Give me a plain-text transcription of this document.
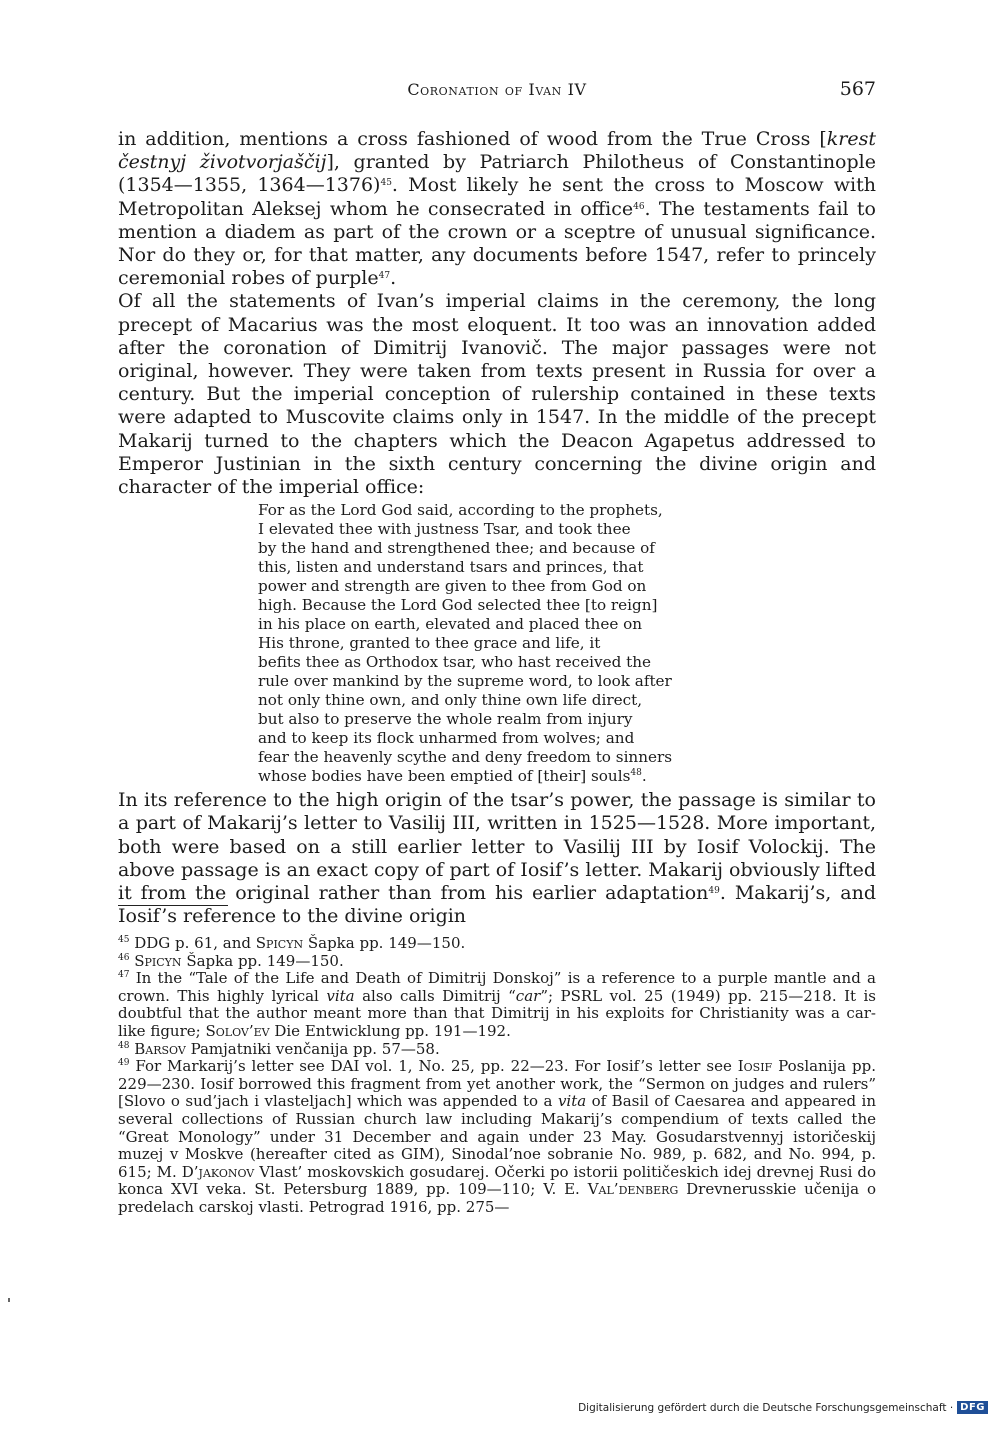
Coronation of Ivan IV	567

in addition, mentions a cross fashioned of wood from the True Cross [krest čestnyj životvorjaščij], granted by Patriarch Philotheus of Constantinople (1354—1355, 1364—1376)$^{45}$. Most likely he sent the cross to Moscow with Metropolitan Aleksej whom he consecrated in office$^{46}$. The testaments fail to mention a diadem as part of the crown or a sceptre of unusual significance. Nor do they or, for that matter, any documents before 1547, refer to princely ceremonial robes of purple$^{47}$.

Of all the statements of Ivan’s imperial claims in the ceremony, the long precept of Macarius was the most eloquent. It too was an innovation added after the coronation of Dimitrij Ivanovič. The major passages were not original, however. They were taken from texts present in Russia for over a century. But the imperial conception of rulership contained in these texts were adapted to Muscovite claims only in 1547. In the middle of the precept Makarij turned to the chapters which the Deacon Agapetus addressed to Emperor Justinian in the sixth century concerning the divine origin and character of the imperial office:

For as the Lord God said, according to the prophets,
I elevated thee with justness Tsar, and took thee
by the hand and strengthened thee; and because of
this, listen and understand tsars and princes, that
power and strength are given to thee from God on
high. Because the Lord God selected thee [to reign]
in his place on earth, elevated and placed thee on
His throne, granted to thee grace and life, it
befits thee as Orthodox tsar, who hast received the
rule over mankind by the supreme word, to look after
not only thine own, and only thine own life direct,
but also to preserve the whole realm from injury
and to keep its flock unharmed from wolves; and
fear the heavenly scythe and deny freedom to sinners
whose bodies have been emptied of [their] souls$^{48}$.

In its reference to the high origin of the tsar’s power, the passage is similar to a part of Makarij’s letter to Vasilij III, written in 1525—1528. More important, both were based on a still earlier letter to Vasilij III by Iosif Volockij. The above passage is an exact copy of part of Iosif’s letter. Makarij obviously lifted it from the original rather than from his earlier adaptation$^{49}$. Makarij’s, and Iosif’s reference to the divine origin

$^{45}$ DDG p. 61, and Spicyn Šapka pp. 149—150.

$^{46}$ Spicyn Šapka pp. 149—150.

$^{47}$ In the “Tale of the Life and Death of Dimitrij Donskoj” is a reference to a purple mantle and a crown. This highly lyrical vita also calls Dimitrij “car”; PSRL vol. 25 (1949) pp. 215—218. It is doubtful that the author meant more than that Dimitrij in his exploits for Christianity was a car-like figure; Solov’ev Die Entwicklung pp. 191—192.

$^{48}$ Barsov Pamjatniki venčanija pp. 57—58.

$^{49}$ For Markarij’s letter see DAI vol. 1, No. 25, pp. 22—23. For Iosif’s letter see Iosif Poslanija pp. 229—230. Iosif borrowed this fragment from yet another work, the “Sermon on judges and rulers” [Slovo o sud’jach i vlasteljach] which was appended to a vita of Basil of Caesarea and appeared in several collections of Russian church law including Makarij’s compendium of texts called the “Great Monology” under 31 December and again under 23 May. Gosudarstvennyj istoričeskij muzej v Moskve (hereafter cited as GIM), Sinodal’noe sobranie No. 989, p. 682, and No. 994, p. 615; M. D’jakonov Vlast’ moskovskich gosudarej. Očerki po istorii političeskich idej drevnej Rusi do konca XVI veka. St. Petersburg 1889, pp. 109—110; V. E. Val’denberg Drevnerusskie učenija o predelach carskoj vlasti. Petrograd 1916, pp. 275—

Digitalisierung gefördert durch die Deutsche Forschungsgemeinschaft · DFG
